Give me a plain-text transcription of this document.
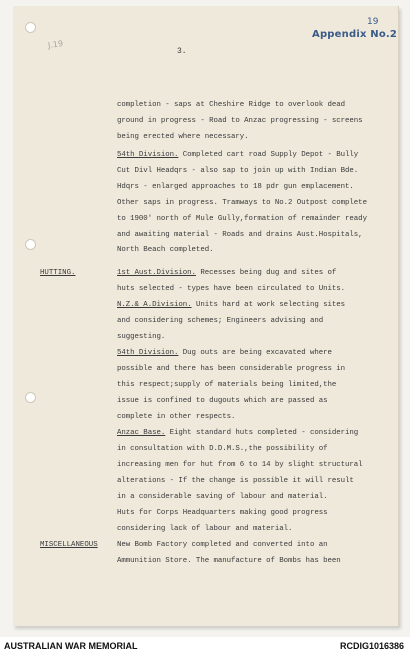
J.19
19
Appendix No.2
3.
completion - saps at Cheshire Ridge to overlook dead
ground in progress - Road to Anzac progressing - screens
being erected where necessary.
54th Division. Completed cart road Supply Depot - Bully
Cut Divl Headqrs - also sap to join up with Indian Bde.
Hdqrs - enlarged approaches to 18 pdr gun emplacement.
Other saps in progress. Tramways to No.2 Outpost complete
to 1900' north of Mule Gully,formation of remainder ready
and awaiting material - Roads and drains Aust.Hospitals,
North Beach completed.
HUTTING.	1st Aust.Division. Recesses being dug and sites of
huts selected - types have been circulated to Units.
N.Z.& A.Division. Units hard at work selecting sites
and considering schemes; Engineers advising and
suggesting.
54th Division. Dug outs are being excavated where
possible and there has been considerable progress in
this respect;supply of materials being limited,the
issue is confined to dugouts which are passed as
complete in other respects.
Anzac Base. Eight standard huts completed - considering
in consultation with D.D.M.S.,the possibility of
increasing men for hut from 6 to 14 by slight structural
alterations - If the change is possible it will result
in a considerable saving of labour and material.
Huts for Corps Headquarters making good progress
considering lack of labour and material.
MISCELLANEOUS	New Bomb Factory completed and converted into an
Ammunition Store. The manufacture of Bombs has been
AUSTRALIAN WAR MEMORIAL	RCDIG1016386
